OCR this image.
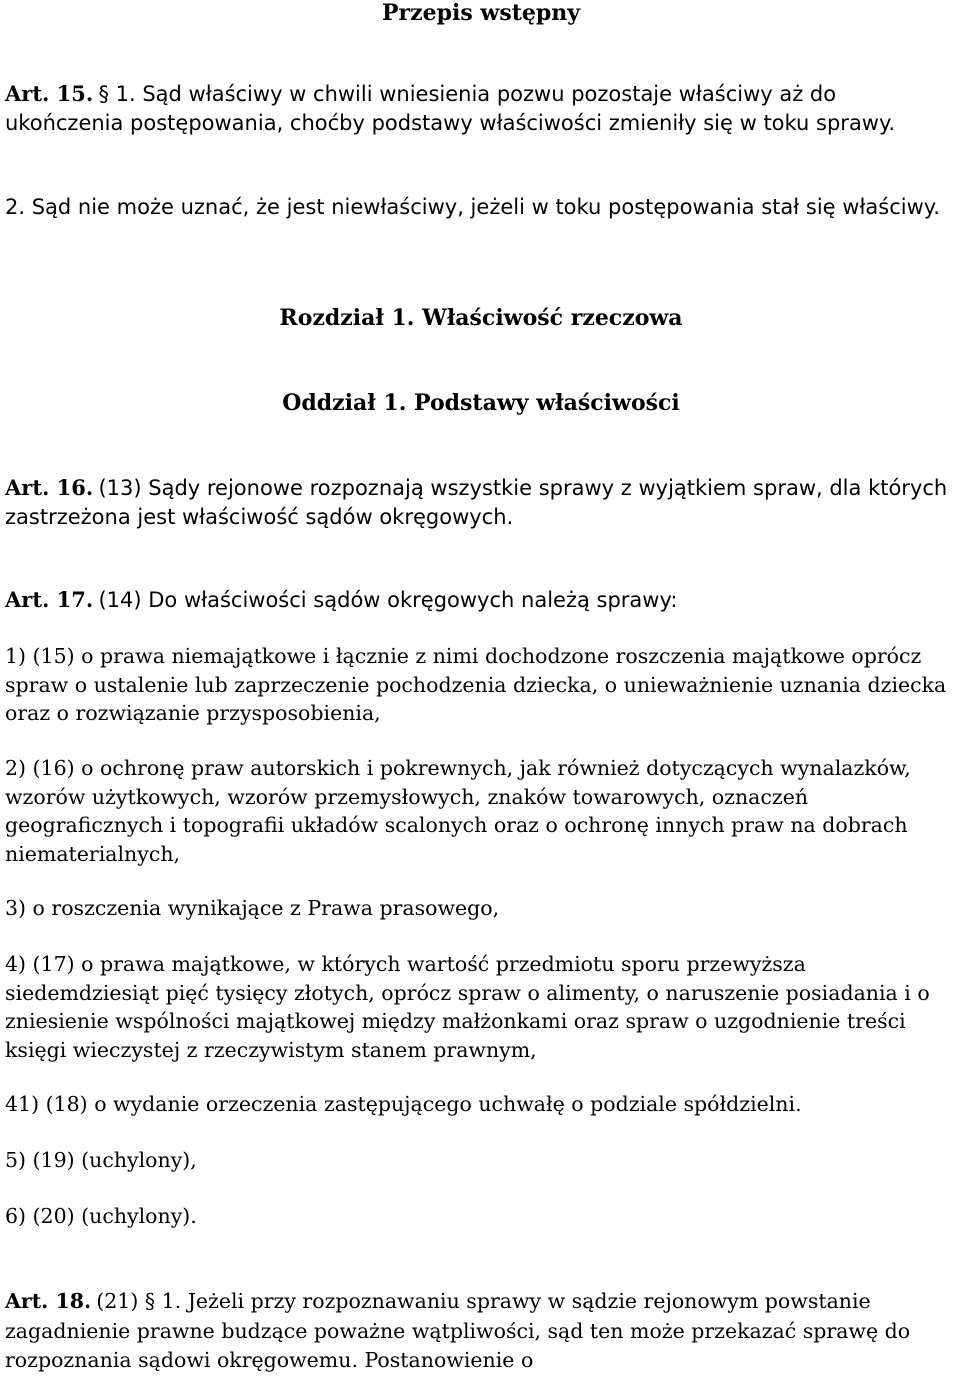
Przepis wstępny
Art. 15. § 1. Sąd właściwy w chwili wniesienia pozwu pozostaje właściwy aż do ukończenia postępowania, choćby podstawy właściwości zmieniły się w toku sprawy.
2. Sąd nie może uznać, że jest niewłaściwy, jeżeli w toku postępowania stał się właściwy.
Rozdział 1. Właściwość rzeczowa
Oddział 1. Podstawy właściwości
Art. 16. (13) Sądy rejonowe rozpoznają wszystkie sprawy z wyjątkiem spraw, dla których zastrzeżona jest właściwość sądów okręgowych.
Art. 17. (14) Do właściwości sądów okręgowych należą sprawy:
1) (15) o prawa niemajątkowe i łącznie z nimi dochodzone roszczenia majątkowe oprócz spraw o ustalenie lub zaprzeczenie pochodzenia dziecka, o unieważnienie uznania dziecka oraz o rozwiązanie przysposobienia,
2) (16) o ochronę praw autorskich i pokrewnych, jak również dotyczących wynalazków, wzorów użytkowych, wzorów przemysłowych, znaków towarowych, oznaczeń geograficznych i topografii układów scalonych oraz o ochronę innych praw na dobrach niematerialnych,
3) o roszczenia wynikające z Prawa prasowego,
4) (17) o prawa majątkowe, w których wartość przedmiotu sporu przewyższa siedemdziesiąt pięć tysięcy złotych, oprócz spraw o alimenty, o naruszenie posiadania i o zniesienie wspólności majątkowej między małżonkami oraz spraw o uzgodnienie treści księgi wieczystej z rzeczywistym stanem prawnym,
41) (18) o wydanie orzeczenia zastępującego uchwałę o podziale spółdzielni.
5) (19) (uchylony),
6) (20) (uchylony).
Art. 18. (21) § 1. Jeżeli przy rozpoznawaniu sprawy w sądzie rejonowym powstanie zagadnienie prawne budzące poważne wątpliwości, sąd ten może przekazać sprawę do rozpoznania sądowi okręgowemu. Postanowienie o
